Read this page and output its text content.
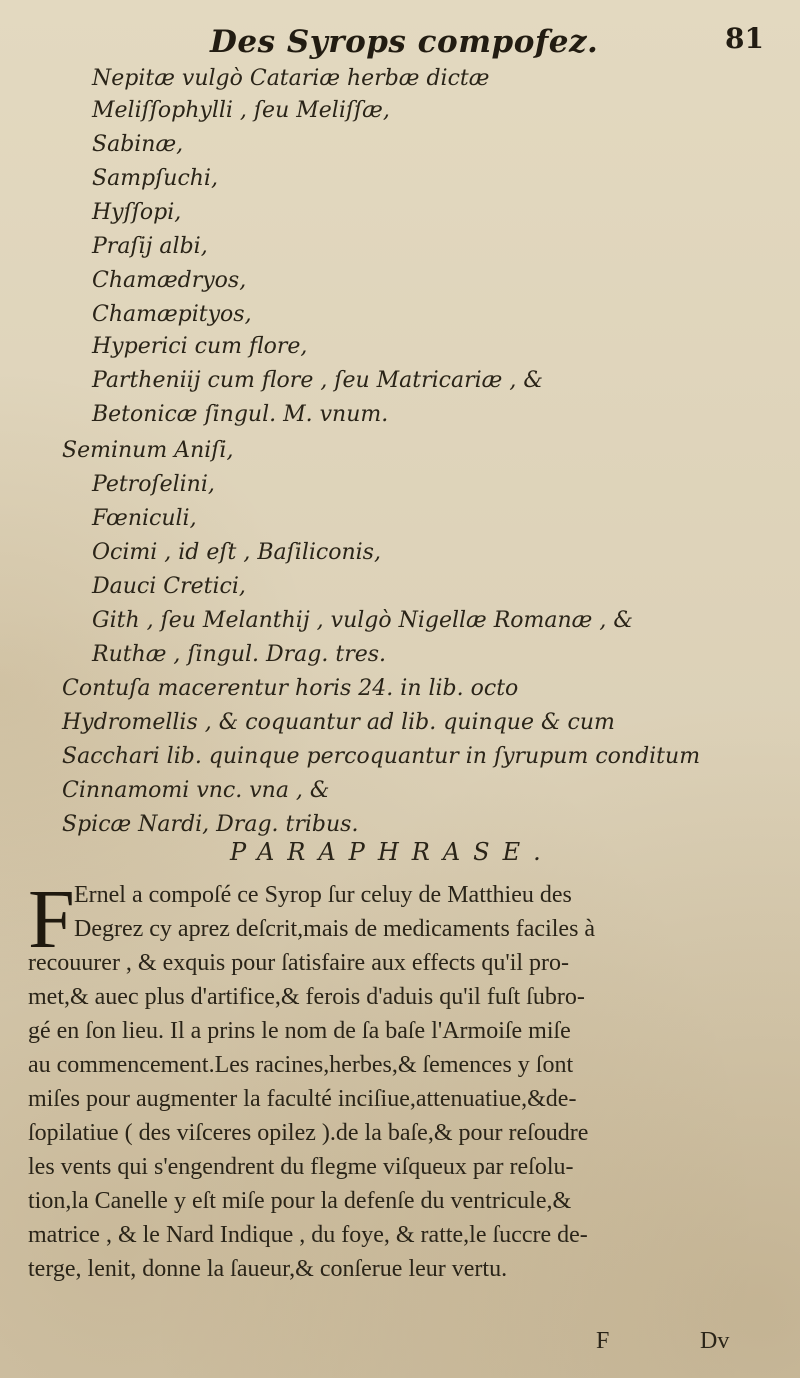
Des Syrops compofez.	81
Nepitæ vulgò Catariæ herbæ dictæ
Meliſſophylli , ſeu Meliſſæ,
Sabinæ,
Sampſuchi,
Hyſſopi,
Praſij albi,
Chamædryos,
Chamæpityos,
Hyperici cum flore,
Partheniij cum flore , ſeu Matricariæ , &
Betonicæ ſingul. M. vnum.
Seminum Aniſi,
Petroſelini,
Fœniculi,
Ocimi , id eſt , Baſiliconis,
Dauci Cretici,
Gith , ſeu Melanthij , vulgò Nigellæ Romanæ , &
Ruthæ , ſingul. Drag. tres.
Contuſa macerentur horis 24. in lib. octo
Hydromellis , & coquantur ad lib. quinque & cum
Sacchari lib. quinque percoquantur in ſyrupum conditum
Cinnamomi vnc. vna , &
Spicæ Nardi, Drag. tribus.
PARAPHRASE.
F Ernel a compoſé ce Syrop ſur celuy de Matthieu des
Degrez cy aprez deſcrit,mais de medicaments faciles à
recouurer , & exquis pour ſatisfaire aux effects qu'il pro-
met,& auec plus d'artifice,& ferois d'aduis qu'il fuſt ſubro-
gé en ſon lieu. Il a prins le nom de ſa baſe l'Armoiſe miſe
au commencement.Les racines,herbes,& ſemences y ſont
miſes pour augmenter la faculté inciſiue,attenuatiue,&de-
ſopilatiue ( des viſceres opilez ).de la baſe,& pour reſoudre
les vents qui s'engendrent du flegme viſqueux par reſolu-
tion,la Canelle y eſt miſe pour la defenſe du ventricule,&
matrice , & le Nard Indique , du foye, & ratte,le ſuccre de-
terge, lenit, donne la ſaueur,& conſerue leur vertu.
F	Dv
